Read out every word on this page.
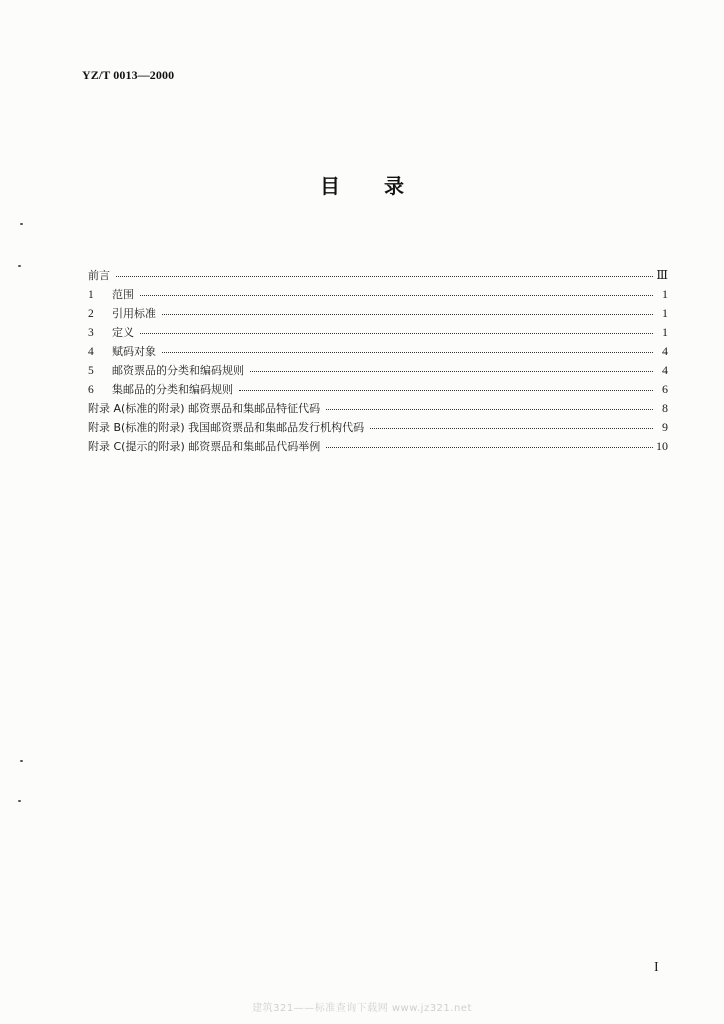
YZ/T 0013—2000
目 录
前言	Ⅲ
1	范围	1
2	引用标准	1
3	定义	1
4	赋码对象	4
5	邮资票品的分类和编码规则	4
6	集邮品的分类和编码规则	6
附录 A(标准的附录) 邮资票品和集邮品特征代码	8
附录 B(标准的附录) 我国邮资票品和集邮品发行机构代码	9
附录 C(提示的附录) 邮资票品和集邮品代码举例	10
I
建筑321——标准查询下载网 www.jz321.net
